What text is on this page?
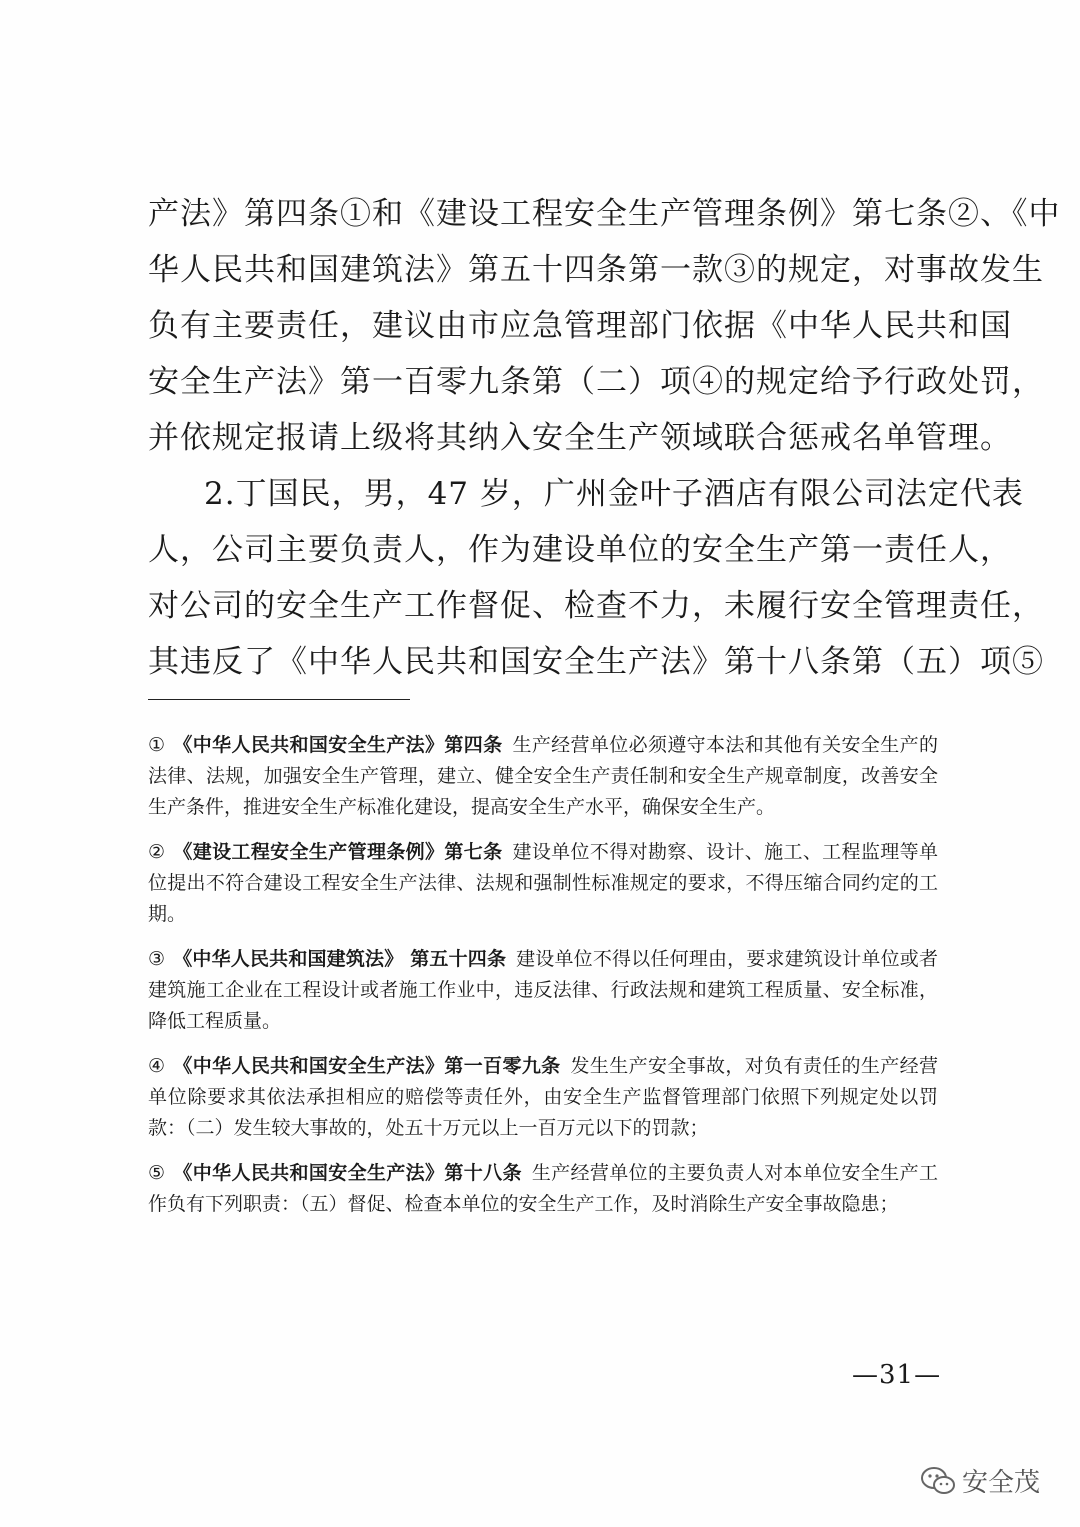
产法》第四条①和《建设工程安全生产管理条例》第七条②、《中
华人民共和国建筑法》第五十四条第一款③的规定，对事故发生
负有主要责任，建议由市应急管理部门依据《中华人民共和国
安全生产法》第一百零九条第（二）项④的规定给予行政处罚，
并依规定报请上级将其纳入安全生产领域联合惩戒名单管理。
2.丁国民，男，47 岁，广州金叶子酒店有限公司法定代表
人，公司主要负责人，作为建设单位的安全生产第一责任人，
对公司的安全生产工作督促、检查不力，未履行安全管理责任，
其违反了《中华人民共和国安全生产法》第十八条第（五）项⑤
① 《中华人民共和国安全生产法》第四条 生产经营单位必须遵守本法和其他有关安全生产的法律、法规，加强安全生产管理，建立、健全安全生产责任制和安全生产规章制度，改善安全生产条件，推进安全生产标准化建设，提高安全生产水平，确保安全生产。
② 《建设工程安全生产管理条例》第七条 建设单位不得对勘察、设计、施工、工程监理等单位提出不符合建设工程安全生产法律、法规和强制性标准规定的要求，不得压缩合同约定的工期。
③ 《中华人民共和国建筑法》 第五十四条 建设单位不得以任何理由，要求建筑设计单位或者建筑施工企业在工程设计或者施工作业中，违反法律、行政法规和建筑工程质量、安全标准，降低工程质量。
④ 《中华人民共和国安全生产法》第一百零九条 发生生产安全事故，对负有责任的生产经营单位除要求其依法承担相应的赔偿等责任外，由安全生产监督管理部门依照下列规定处以罚款：（二）发生较大事故的，处五十万元以上一百万元以下的罚款；
⑤ 《中华人民共和国安全生产法》第十八条 生产经营单位的主要负责人对本单位安全生产工作负有下列职责：（五）督促、检查本单位的安全生产工作，及时消除生产安全事故隐患；
—31—
安全茂
